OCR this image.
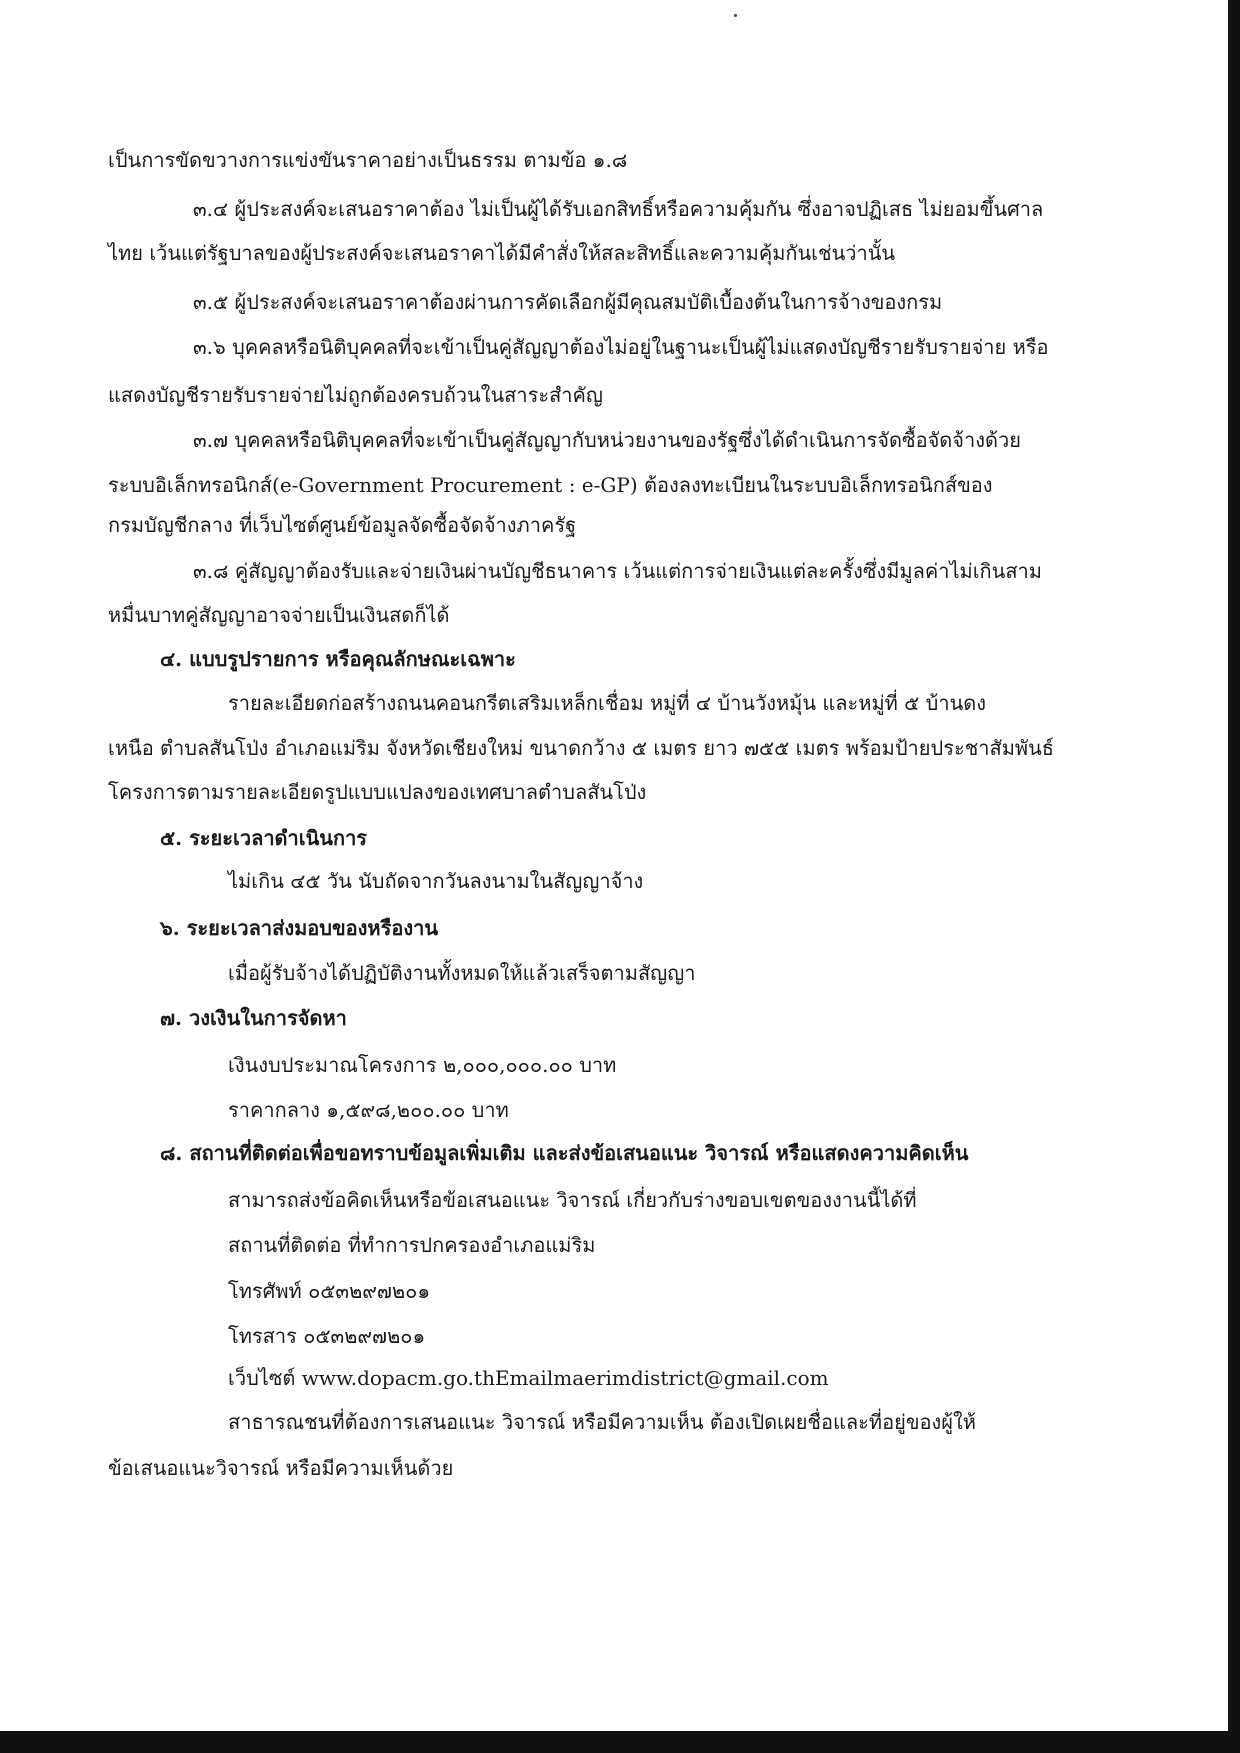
เป็นการขัดขวางการแข่งขันราคาอย่างเป็นธรรม ตามข้อ ๑.๘
๓.๔ ผู้ประสงค์จะเสนอราคาต้อง ไม่เป็นผู้ได้รับเอกสิทธิ์หรือความคุ้มกัน ซึ่งอาจปฏิเสธ ไม่ยอมขึ้นศาล
ไทย เว้นแต่รัฐบาลของผู้ประสงค์จะเสนอราคาได้มีคำสั่งให้สละสิทธิ์และความคุ้มกันเช่นว่านั้น
๓.๕ ผู้ประสงค์จะเสนอราคาต้องผ่านการคัดเลือกผู้มีคุณสมบัติเบื้องต้นในการจ้างของกรม
๓.๖ บุคคลหรือนิติบุคคลที่จะเข้าเป็นคู่สัญญาต้องไม่อยู่ในฐานะเป็นผู้ไม่แสดงบัญชีรายรับรายจ่าย หรือ
แสดงบัญชีรายรับรายจ่ายไม่ถูกต้องครบถ้วนในสาระสำคัญ
๓.๗ บุคคลหรือนิติบุคคลที่จะเข้าเป็นคู่สัญญากับหน่วยงานของรัฐซึ่งได้ดำเนินการจัดซื้อจัดจ้างด้วย
ระบบอิเล็กทรอนิกส์(e-Government Procurement : e-GP) ต้องลงทะเบียนในระบบอิเล็กทรอนิกส์ของ
กรมบัญชีกลาง ที่เว็บไซต์ศูนย์ข้อมูลจัดซื้อจัดจ้างภาครัฐ
๓.๘ คู่สัญญาต้องรับและจ่ายเงินผ่านบัญชีธนาคาร เว้นแต่การจ่ายเงินแต่ละครั้งซึ่งมีมูลค่าไม่เกินสาม
หมื่นบาทคู่สัญญาอาจจ่ายเป็นเงินสดก็ได้
๔. แบบรูปรายการ หรือคุณลักษณะเฉพาะ
รายละเอียดก่อสร้างถนนคอนกรีตเสริมเหล็กเชื่อม หมู่ที่ ๔ บ้านวังหมุ้น และหมู่ที่ ๕ บ้านดง
เหนือ ตำบลสันโป่ง อำเภอแม่ริม จังหวัดเชียงใหม่ ขนาดกว้าง ๕ เมตร ยาว ๗๕๕ เมตร พร้อมป้ายประชาสัมพันธ์
โครงการตามรายละเอียดรูปแบบแปลงของเทศบาลตำบลสันโป่ง
๕. ระยะเวลาดำเนินการ
ไม่เกิน ๔๕ วัน นับถัดจากวันลงนามในสัญญาจ้าง
๖. ระยะเวลาส่งมอบของหรืองาน
เมื่อผู้รับจ้างได้ปฏิบัติงานทั้งหมดให้แล้วเสร็จตามสัญญา
๗. วงเงินในการจัดหา
เงินงบประมาณโครงการ ๒,๐๐๐,๐๐๐.๐๐ บาท
ราคากลาง ๑,๕๙๘,๒๐๐.๐๐ บาท
๘. สถานที่ติดต่อเพื่อขอทราบข้อมูลเพิ่มเติม และส่งข้อเสนอแนะ วิจารณ์ หรือแสดงความคิดเห็น
สามารถส่งข้อคิดเห็นหรือข้อเสนอแนะ วิจารณ์ เกี่ยวกับร่างขอบเขตของงานนี้ได้ที่
สถานที่ติดต่อ ที่ทำการปกครองอำเภอแม่ริม
โทรศัพท์ ๐๕๓๒๙๗๒๐๑
โทรสาร ๐๕๓๒๙๗๒๐๑
เว็บไซต์ www.dopacm.go.thEmailmaerimdistrict@gmail.com
สาธารณชนที่ต้องการเสนอแนะ วิจารณ์ หรือมีความเห็น ต้องเปิดเผยชื่อและที่อยู่ของผู้ให้
ข้อเสนอแนะวิจารณ์ หรือมีความเห็นด้วย
